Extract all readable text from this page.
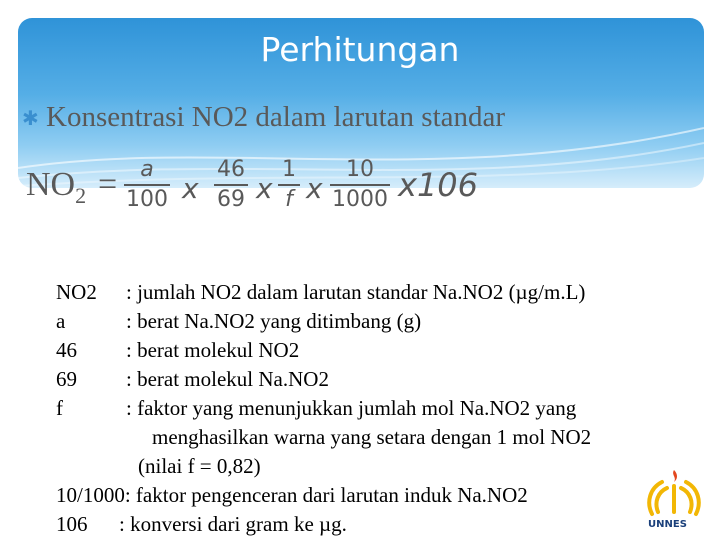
Perhitungan
✱ Konsentrasi NO2 dalam larutan standar
$NO_2$ =	a
100 x
46
69 x
1
f x
10
1000 x106
NO2 : jumlah NO2 dalam larutan standar Na.NO2 (µg/m.L)
a	: berat Na.NO2 yang ditimbang (g)
46 : berat molekul NO2
69 : berat molekul Na.NO2
f	: faktor yang menunjukkan jumlah mol Na.NO2 yang
menghasilkan warna yang setara dengan 1 mol NO2
(nilai f = 0,82)
10/1000: faktor pengenceran dari larutan induk Na.NO2
106      : konversi dari gram ke µg.	UNNES
